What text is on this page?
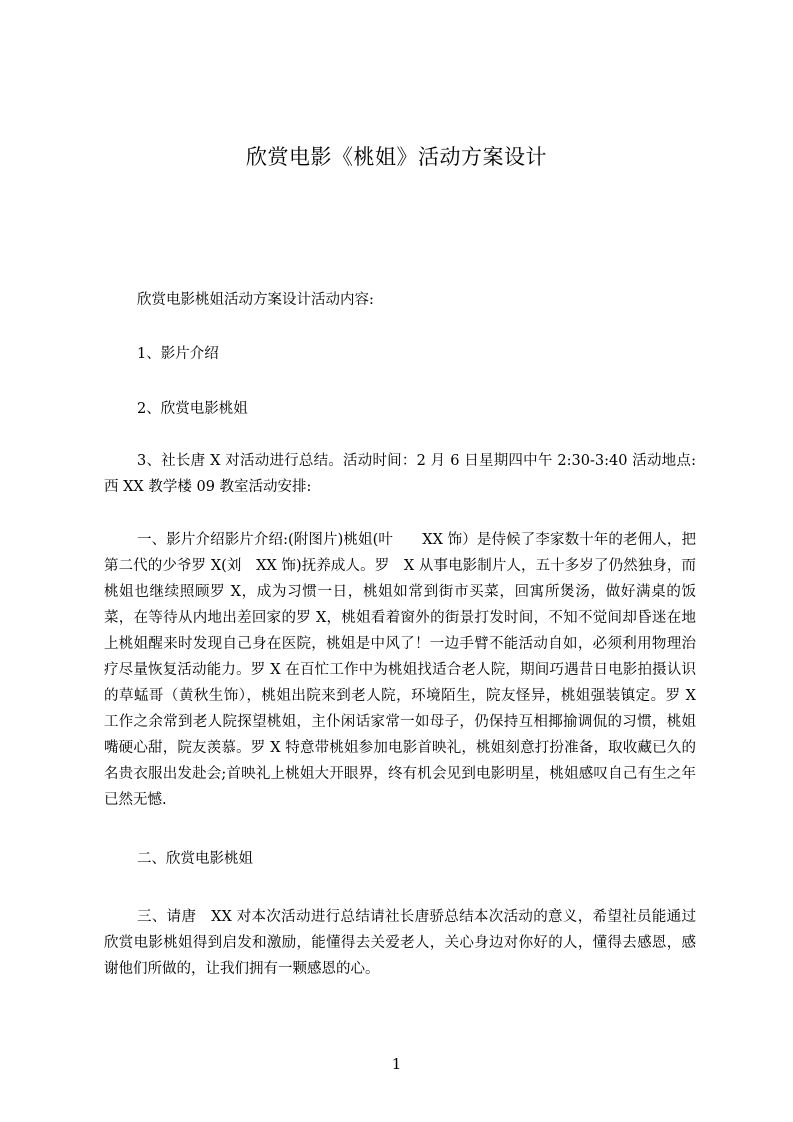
欣赏电影《桃姐》活动方案设计
欣赏电影桃姐活动方案设计活动内容:
1、影片介绍
2、欣赏电影桃姐
3、社长唐 X 对活动进行总结。活动时间：2 月 6 日星期四中午 2:30-3:40 活动地点:西 XX 教学楼 09 教室活动安排:
一、影片介绍影片介绍:(附图片)桃姐(叶　　XX 饰）是侍候了李家数十年的老佣人，把第二代的少爷罗 X(刘　XX 饰)抚养成人。罗　X 从事电影制片人，五十多岁了仍然独身，而桃姐也继续照顾罗 X，成为习惯一日，桃姐如常到街市买菜，回寓所煲汤，做好满桌的饭菜，在等待从内地出差回家的罗 X，桃姐看着窗外的街景打发时间，不知不觉间却昏迷在地上桃姐醒来时发现自己身在医院，桃姐是中风了！一边手臂不能活动自如，必须利用物理治疗尽量恢复活动能力。罗 X 在百忙工作中为桃姐找适合老人院，期间巧遇昔日电影拍摄认识的草蜢哥（黄秋生饰），桃姐出院来到老人院，环境陌生，院友怪异，桃姐强装镇定。罗 X 工作之余常到老人院探望桃姐，主仆闲话家常一如母子，仍保持互相揶揄调侃的习惯，桃姐嘴硬心甜，院友羡慕。罗 X 特意带桃姐参加电影首映礼，桃姐刻意打扮准备，取收藏已久的名贵衣服出发赴会;首映礼上桃姐大开眼界，终有机会见到电影明星，桃姐感叹自己有生之年已然无憾.
二、欣赏电影桃姐
三、请唐　XX 对本次活动进行总结请社长唐骄总结本次活动的意义，希望社员能通过欣赏电影桃姐得到启发和激励，能懂得去关爱老人，关心身边对你好的人，懂得去感恩，感谢他们所做的，让我们拥有一颗感恩的心。
1
